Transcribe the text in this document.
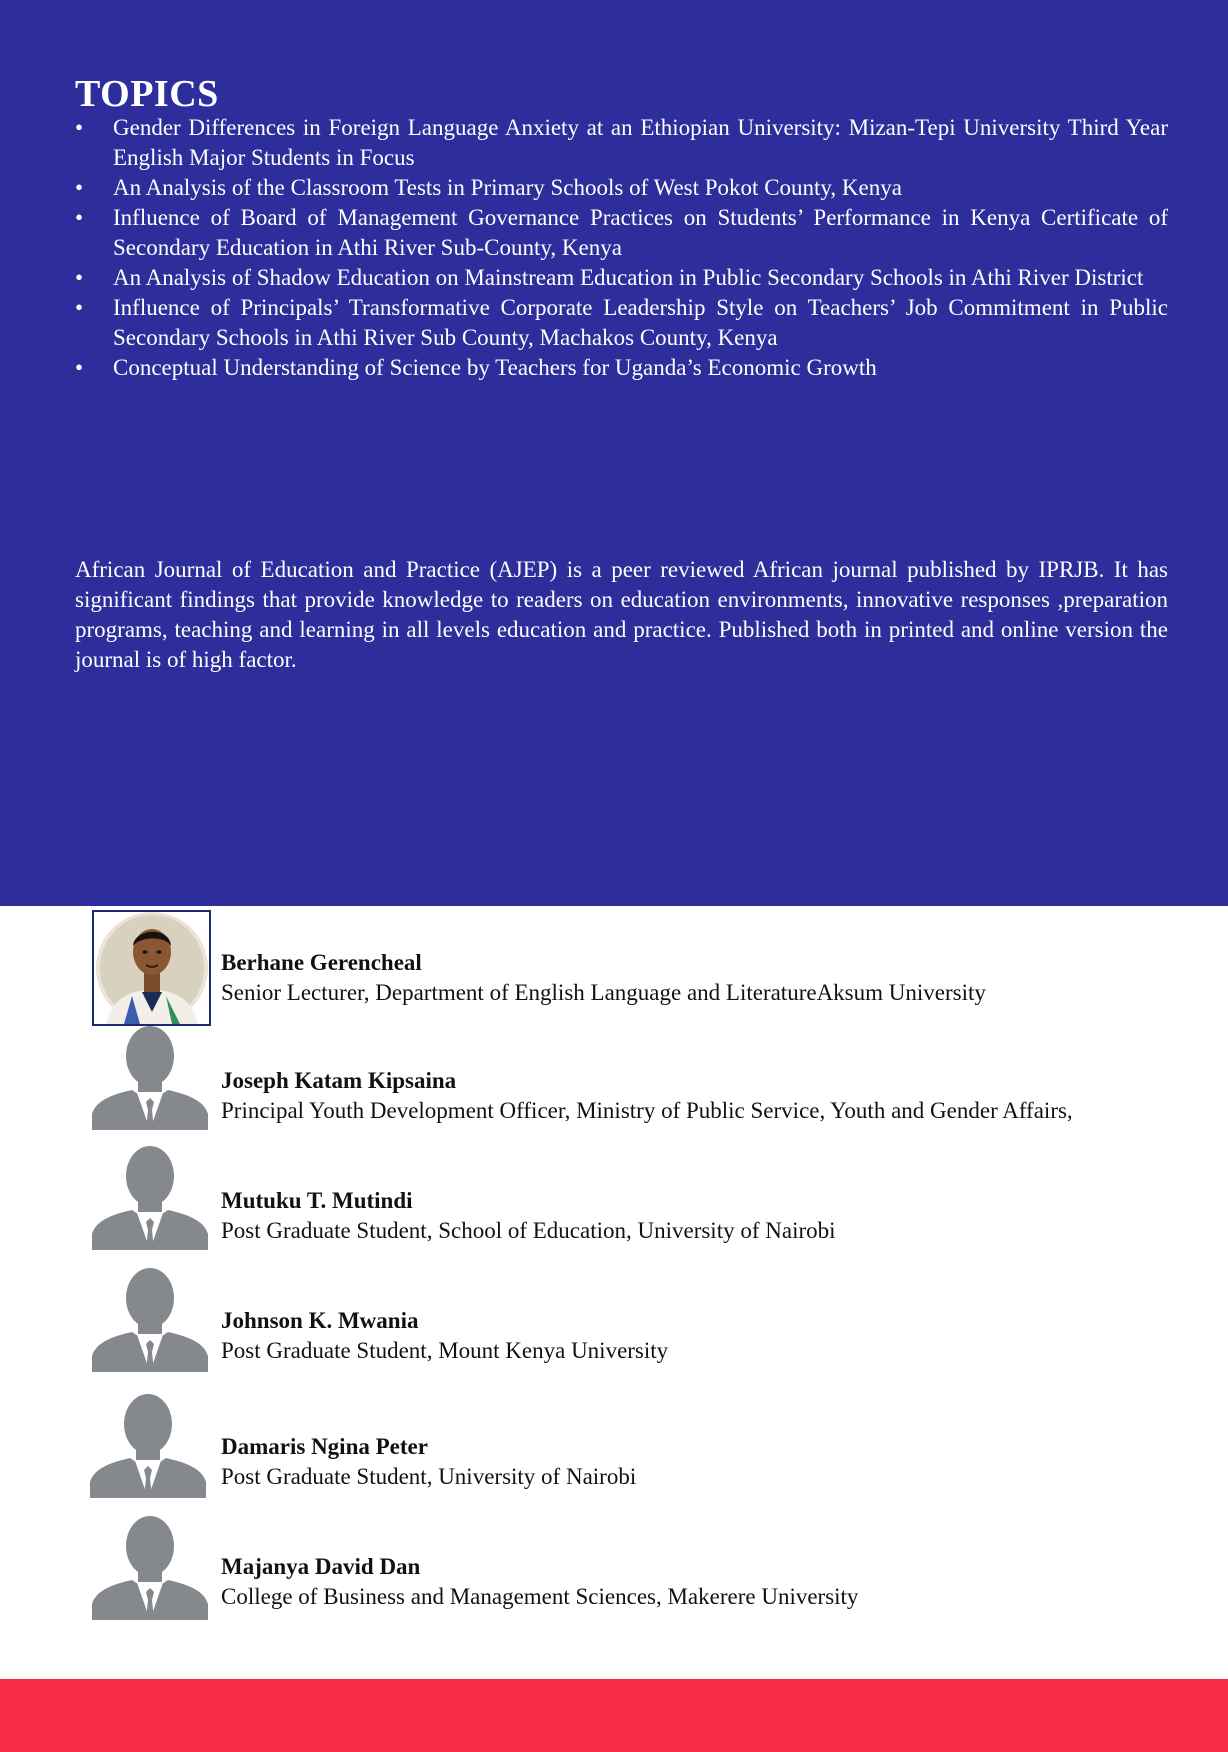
TOPICS
•	Gender Differences in Foreign Language Anxiety at an Ethiopian University: Mizan-Tepi University Third Year English Major Students in Focus
•	An Analysis of the Classroom Tests in Primary Schools of West Pokot County, Kenya
•	Influence of Board of Management Governance Practices on Students’ Performance in Kenya Certificate of Secondary Education in Athi River Sub-County, Kenya
•	An Analysis of Shadow Education on Mainstream Education in Public Secondary Schools in Athi River District
•	Influence of Principals’ Transformative Corporate Leadership Style on Teachers’ Job Commitment in Public Secondary Schools in Athi River Sub County, Machakos County, Kenya
•	Conceptual Understanding of Science by Teachers for Uganda’s Economic Growth

African Journal of Education and Practice (AJEP) is a peer reviewed African journal published by IPRJB. It has significant findings that provide knowledge to readers on education environments, innovative responses ,preparation programs, teaching and learning in all levels education and practice. Published both in printed and online version the journal is of high factor.

Berhane Gerencheal
Senior Lecturer, Department of English Language and LiteratureAksum University
Joseph Katam Kipsaina
Principal Youth Development Officer, Ministry of Public Service, Youth and Gender Affairs,
Mutuku T. Mutindi
Post Graduate Student, School of Education, University of Nairobi
Johnson K. Mwania
Post Graduate Student, Mount Kenya University
Damaris Ngina Peter
Post Graduate Student, University of Nairobi
Majanya David Dan
College of Business and Management Sciences, Makerere University
